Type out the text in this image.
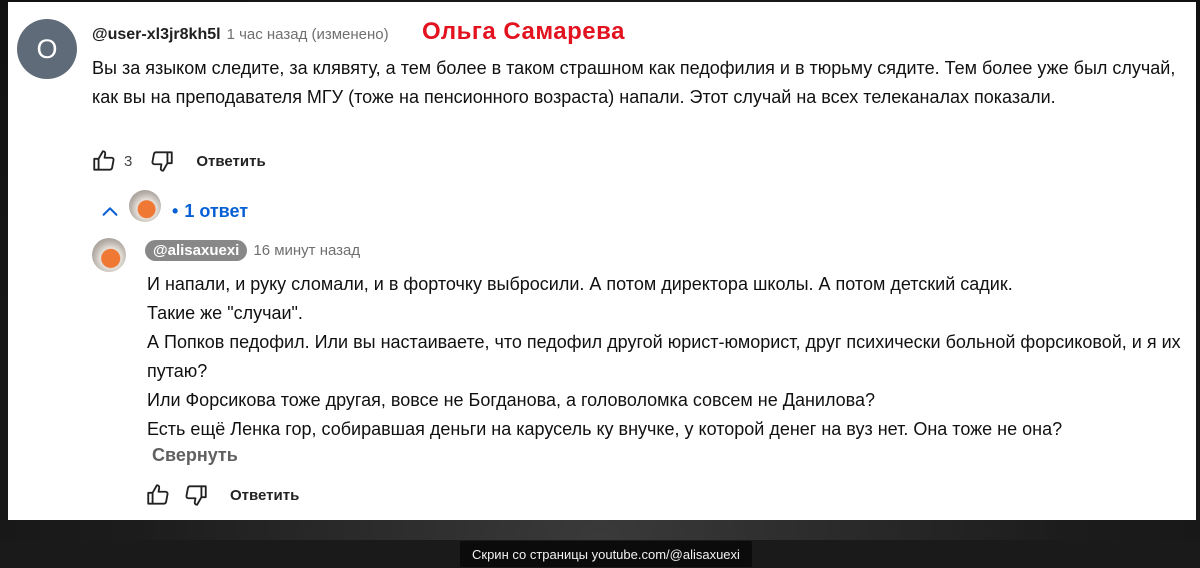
О @user-xl3jr8kh5l 1 час назад (изменено) Ольга Самарева
Вы за языком следите, за клявяту, а тем более в таком страшном как педофилия и в тюрьму сядите. Тем более уже был случай, как вы на преподавателя МГУ (тоже на пенсионного возраста) напали. Этот случай на всех телеканалах показали.
3	Ответить
• 1 ответ
@alisaxuexi 16 минут назад
И напали, и руку сломали, и в форточку выбросили. А потом директора школы. А потом детский садик.
Такие же "случаи".
А Попков педофил. Или вы настаиваете, что педофил другой юрист-юморист, друг психически больной форсиковой, и я их путаю?
Или Форсикова тоже другая, вовсе не Богданова, а головоломка совсем не Данилова?
Есть ещё Ленка гор, собиравшая деньги на карусель ку внучке, у которой денег на вуз нет. Она тоже не она?
Свернуть
Ответить
Скрин со страницы youtube.com/@alisaxuexi
